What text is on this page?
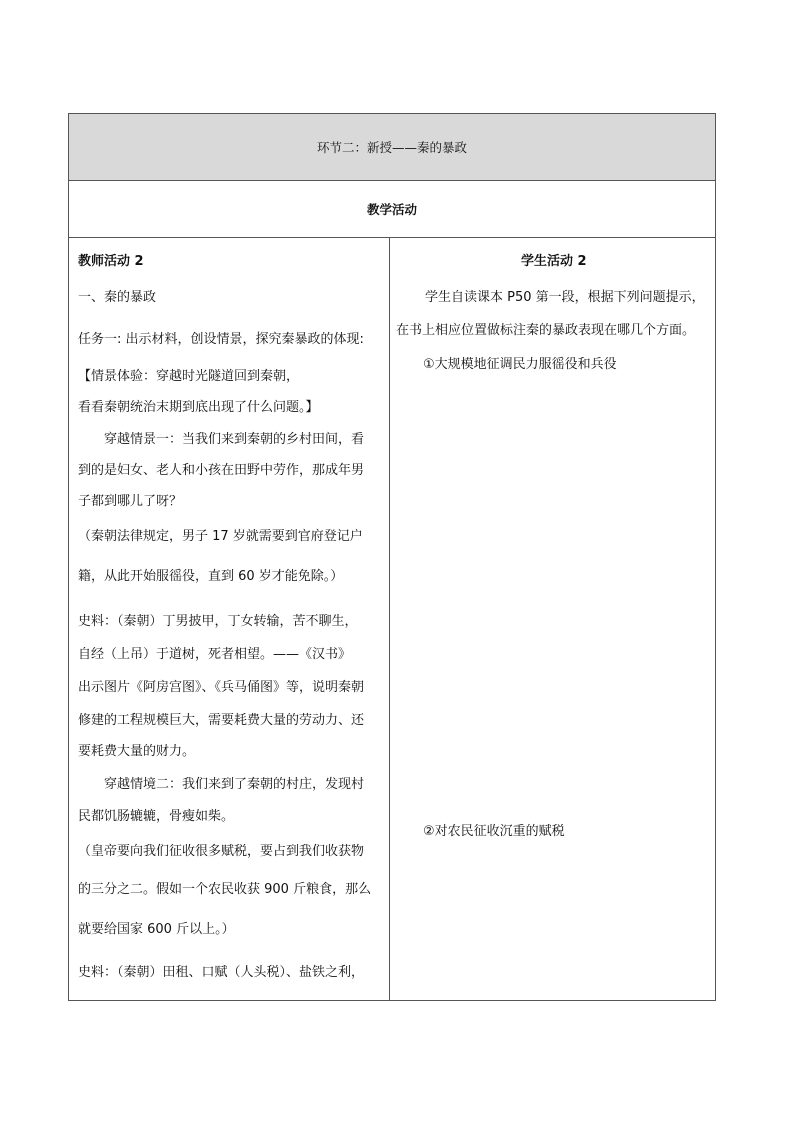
环节二：新授——秦的暴政
教学活动
教师活动 2
一、秦的暴政
任务一: 出示材料，创设情景，探究秦暴政的体现:
【情景体验：穿越时光隧道回到秦朝，
看看秦朝统治末期到底出现了什么问题。】
穿越情景一：当我们来到秦朝的乡村田间，看
到的是妇女、老人和小孩在田野中劳作，那成年男
子都到哪儿了呀？
（秦朝法律规定，男子 17 岁就需要到官府登记户
籍，从此开始服徭役，直到 60 岁才能免除。）
史料：（秦朝）丁男披甲，丁女转输，苦不聊生，
自经（上吊）于道树，死者相望。——《汉书》
出示图片《阿房宫图》、《兵马俑图》等，说明秦朝
修建的工程规模巨大，需要耗费大量的劳动力、还
要耗费大量的财力。
穿越情境二：我们来到了秦朝的村庄，发现村
民都饥肠辘辘，骨瘦如柴。
（皇帝要向我们征收很多赋税，要占到我们收获物
的三分之二。假如一个农民收获 900 斤粮食，那么
就要给国家 600 斤以上。）
史料：（秦朝）田租、口赋（人头税）、盐铁之利，
学生活动 2
学生自读课本 P50 第一段，根据下列问题提示，
在书上相应位置做标注秦的暴政表现在哪几个方面。
①大规模地征调民力服徭役和兵役
②对农民征收沉重的赋税
